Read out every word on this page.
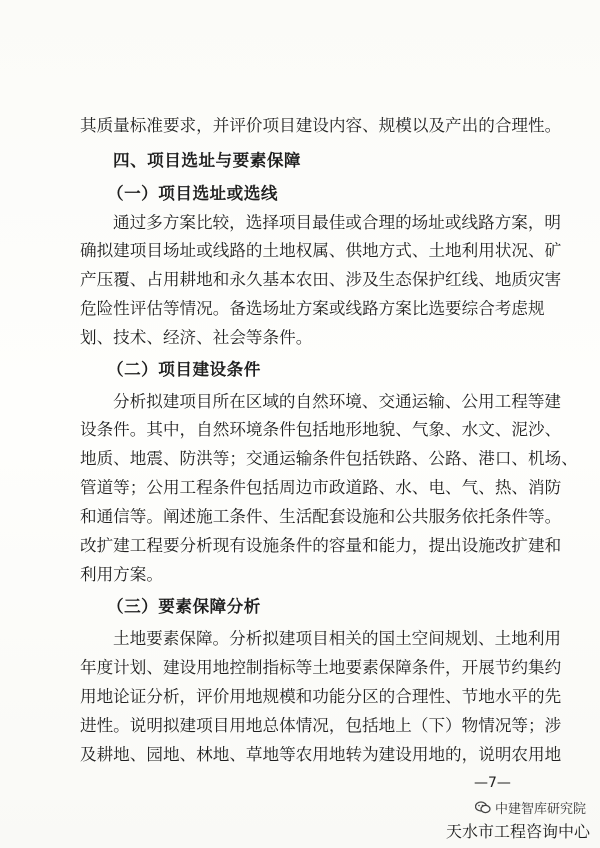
其质量标准要求，并评价项目建设内容、规模以及产出的合理性。
四、项目选址与要素保障
（一）项目选址或选线
通过多方案比较，选择项目最佳或合理的场址或线路方案，明
确拟建项目场址或线路的土地权属、供地方式、土地利用状况、矿
产压覆、占用耕地和永久基本农田、涉及生态保护红线、地质灾害
危险性评估等情况。备选场址方案或线路方案比选要综合考虑规
划、技术、经济、社会等条件。
（二）项目建设条件
分析拟建项目所在区域的自然环境、交通运输、公用工程等建
设条件。其中，自然环境条件包括地形地貌、气象、水文、泥沙、
地质、地震、防洪等；交通运输条件包括铁路、公路、港口、机场、
管道等；公用工程条件包括周边市政道路、水、电、气、热、消防
和通信等。阐述施工条件、生活配套设施和公共服务依托条件等。
改扩建工程要分析现有设施条件的容量和能力，提出设施改扩建和
利用方案。
（三）要素保障分析
土地要素保障。分析拟建项目相关的国土空间规划、土地利用
年度计划、建设用地控制指标等土地要素保障条件，开展节约集约
用地论证分析，评价用地规模和功能分区的合理性、节地水平的先
进性。说明拟建项目用地总体情况，包括地上（下）物情况等；涉
及耕地、园地、林地、草地等农用地转为建设用地的，说明农用地
—7—
中建智库研究院
天水市工程咨询中心
